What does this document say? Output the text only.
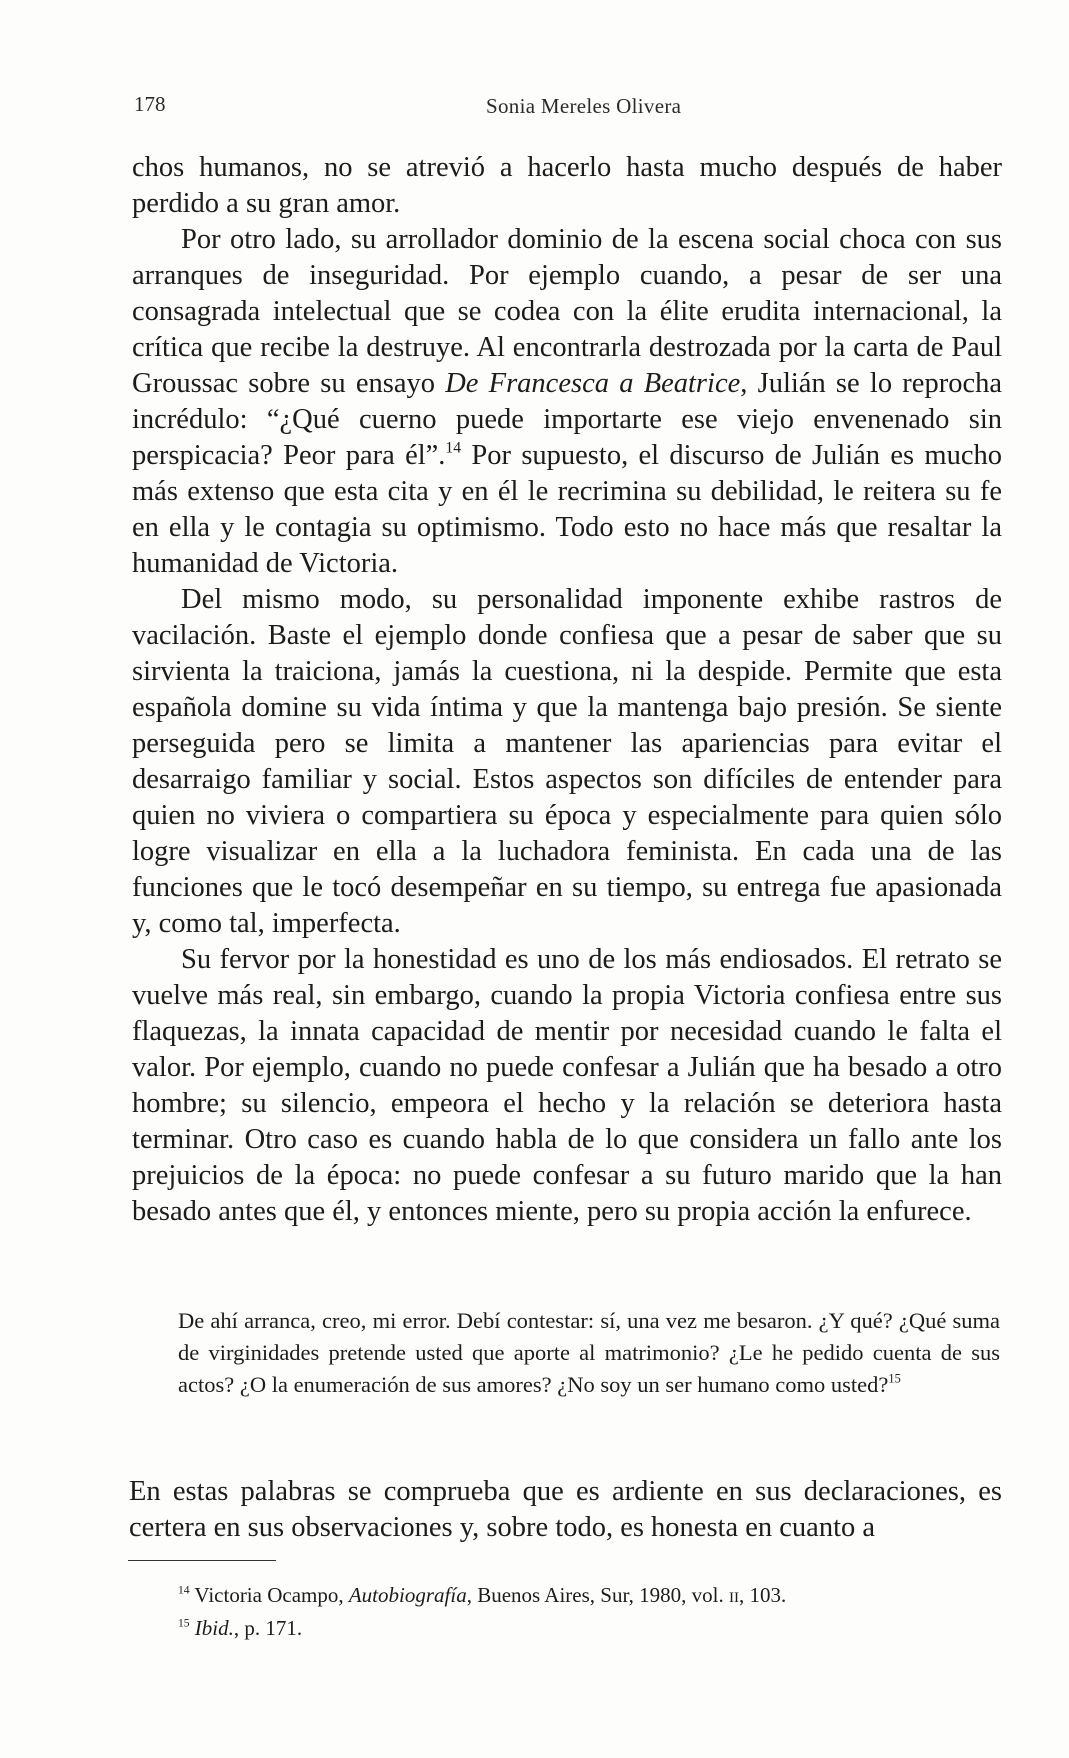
178	Sonia Mereles Olivera

chos humanos, no se atrevió a hacerlo hasta mucho después de haber perdido a su gran amor.

Por otro lado, su arrollador dominio de la escena social choca con sus arranques de inseguridad. Por ejemplo cuando, a pesar de ser una consagrada intelectual que se codea con la élite erudita internacional, la crítica que recibe la destruye. Al encontrarla destrozada por la carta de Paul Groussac sobre su ensayo De Francesca a Beatrice, Julián se lo reprocha incrédulo: “¿Qué cuerno puede importarte ese viejo envenenado sin perspicacia? Peor para él”.$^{14}$ Por supuesto, el discurso de Julián es mucho más extenso que esta cita y en él le recrimina su debilidad, le reitera su fe en ella y le contagia su optimismo. Todo esto no hace más que resaltar la humanidad de Victoria.

Del mismo modo, su personalidad imponente exhibe rastros de vacilación. Baste el ejemplo donde confiesa que a pesar de saber que su sirvienta la traiciona, jamás la cuestiona, ni la despide. Permite que esta española domine su vida íntima y que la mantenga bajo presión. Se siente perseguida pero se limita a mantener las apariencias para evitar el desarraigo familiar y social. Estos aspectos son difíciles de entender para quien no viviera o compartiera su época y especialmente para quien sólo logre visualizar en ella a la luchadora feminista. En cada una de las funciones que le tocó desempeñar en su tiempo, su entrega fue apasionada y, como tal, imperfecta.

Su fervor por la honestidad es uno de los más endiosados. El retrato se vuelve más real, sin embargo, cuando la propia Victoria confiesa entre sus flaquezas, la innata capacidad de mentir por necesidad cuando le falta el valor. Por ejemplo, cuando no puede confesar a Julián que ha besado a otro hombre; su silencio, empeora el hecho y la relación se deteriora hasta terminar. Otro caso es cuando habla de lo que considera un fallo ante los prejuicios de la época: no puede confesar a su futuro marido que la han besado antes que él, y entonces miente, pero su propia acción la enfurece.

De ahí arranca, creo, mi error. Debí contestar: sí, una vez me besaron. ¿Y qué? ¿Qué suma de virginidades pretende usted que aporte al matrimonio? ¿Le he pedido cuenta de sus actos? ¿O la enumeración de sus amores? ¿No soy un ser humano como usted?$^{15}$

En estas palabras se comprueba que es ardiente en sus declaraciones, es certera en sus observaciones y, sobre todo, es honesta en cuanto a

$^{14}$ Victoria Ocampo, Autobiografía, Buenos Aires, Sur, 1980, vol. II, 103.
$^{15}$ Ibid., p. 171.
